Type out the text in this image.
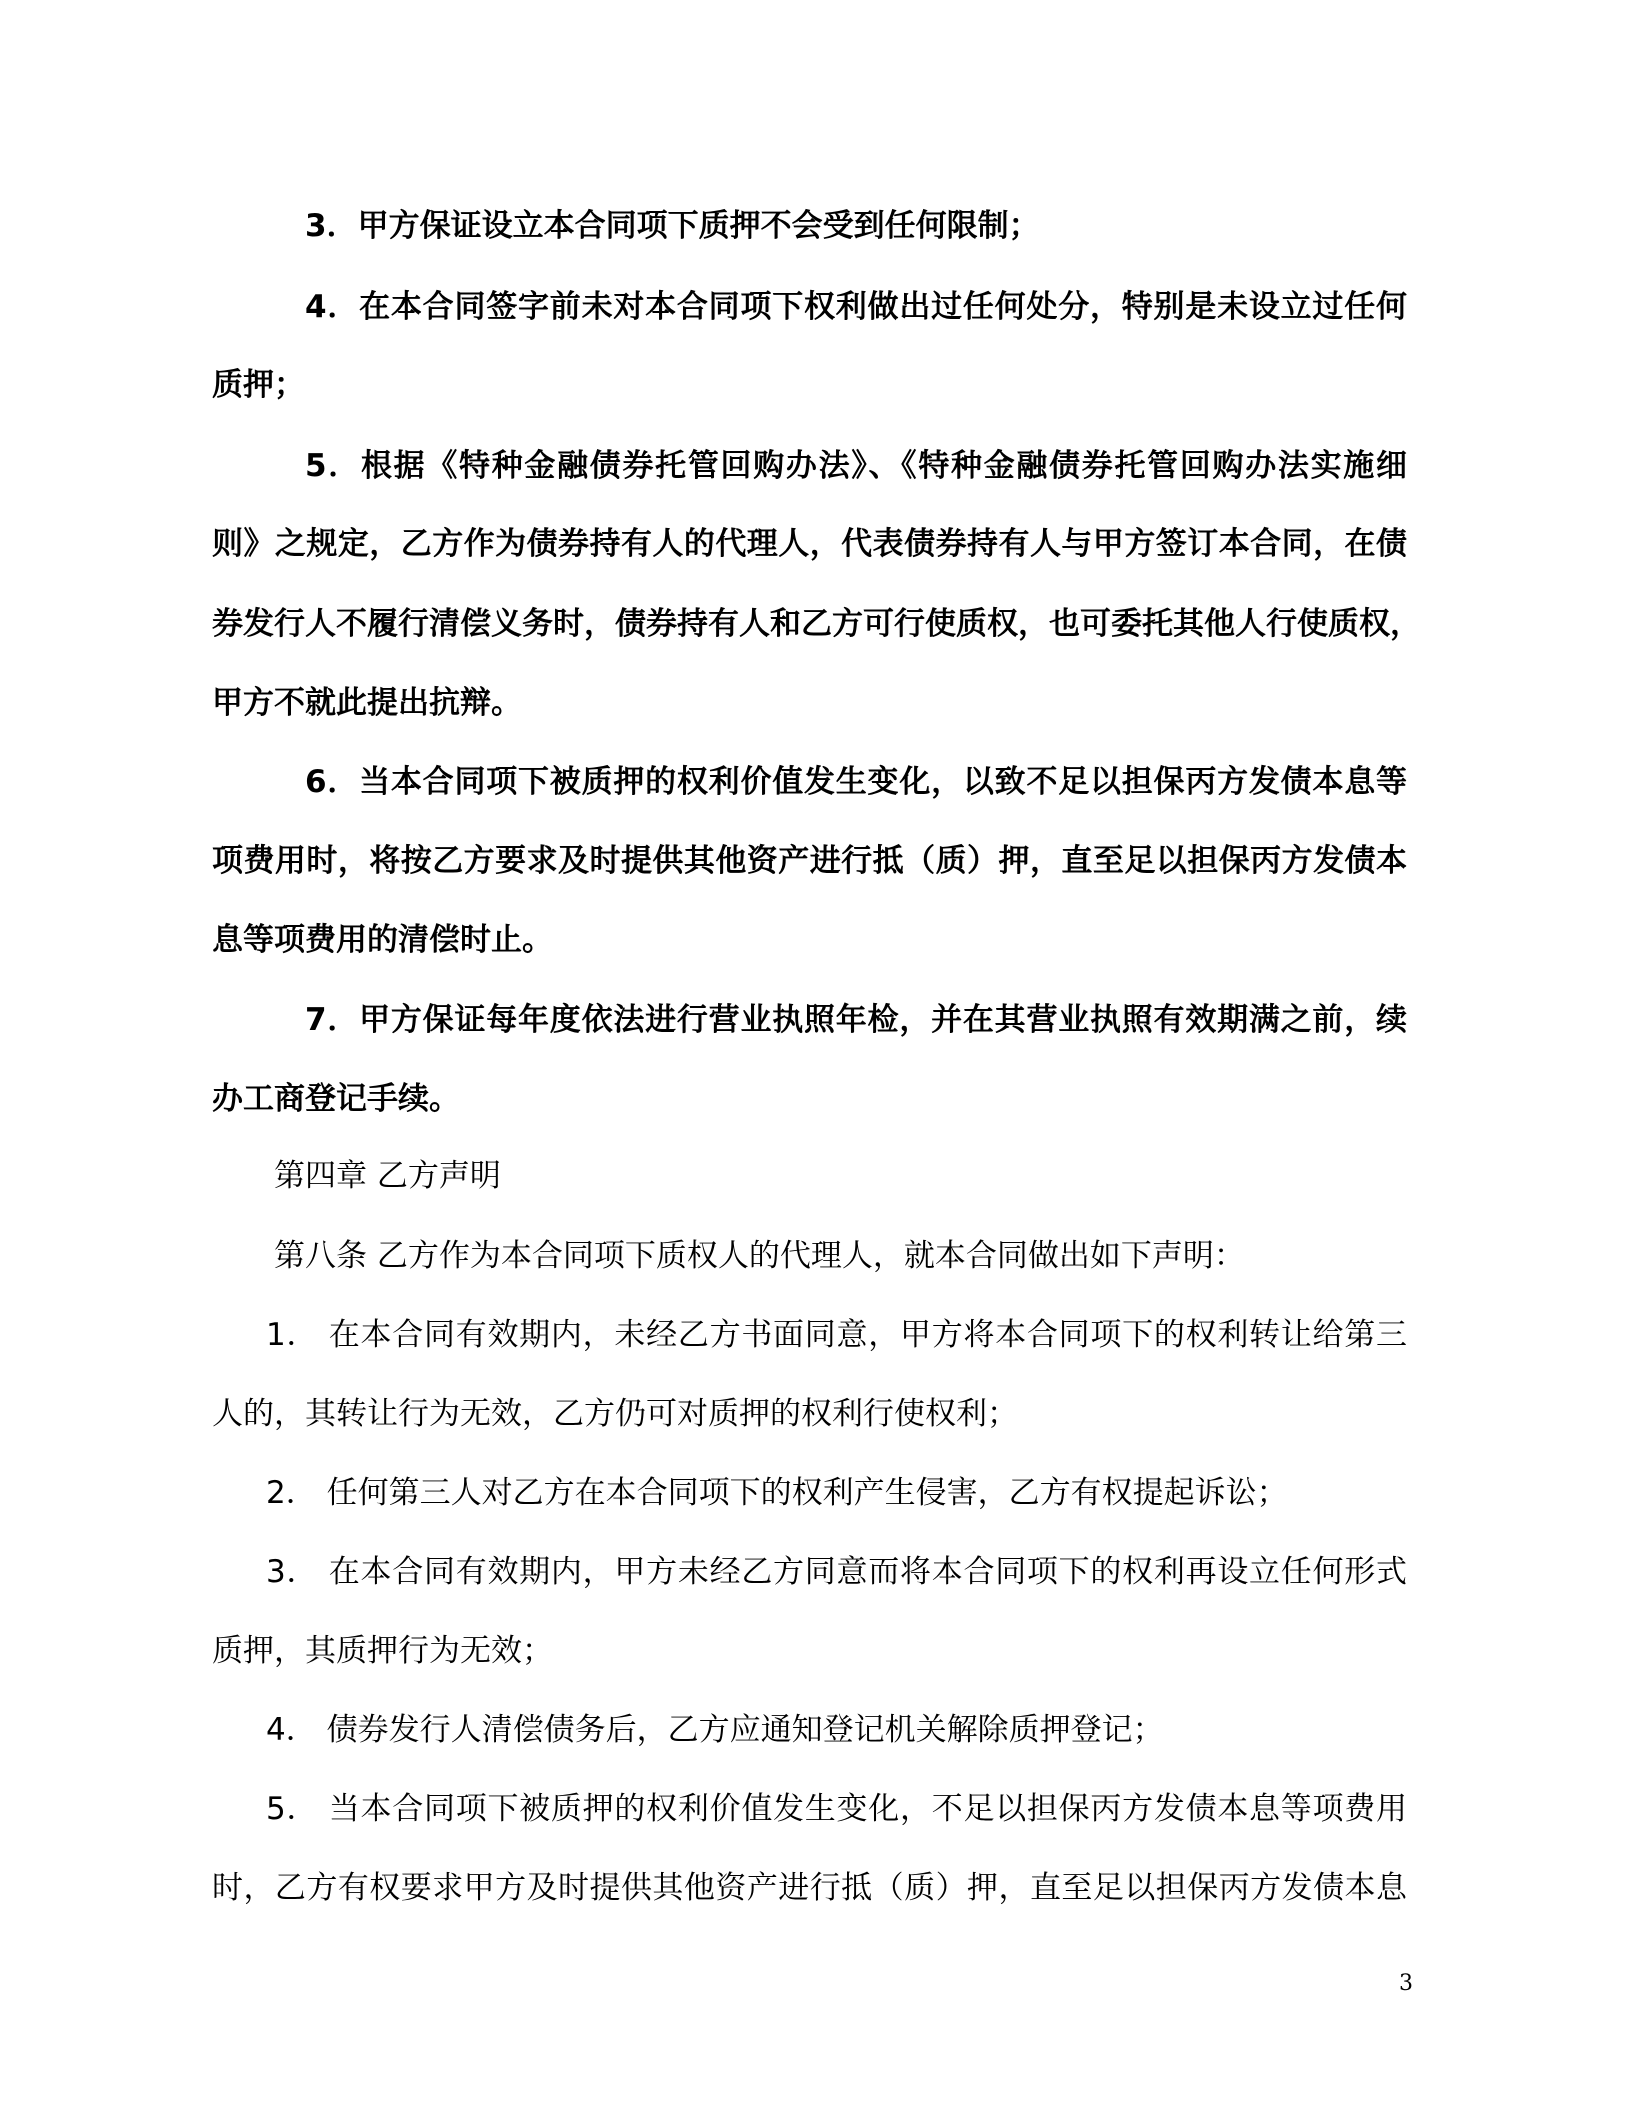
3．甲方保证设立本合同项下质押不会受到任何限制；
4．在本合同签字前未对本合同项下权利做出过任何处分，特别是未设立过任何
质押；
5．根据《特种金融债券托管回购办法》、《特种金融债券托管回购办法实施细
则》之规定，乙方作为债券持有人的代理人，代表债券持有人与甲方签订本合同，在债
券发行人不履行清偿义务时，债券持有人和乙方可行使质权，也可委托其他人行使质权，
甲方不就此提出抗辩。
6．当本合同项下被质押的权利价值发生变化，以致不足以担保丙方发债本息等
项费用时，将按乙方要求及时提供其他资产进行抵（质）押，直至足以担保丙方发债本
息等项费用的清偿时止。
7．甲方保证每年度依法进行营业执照年检，并在其营业执照有效期满之前，续
办工商登记手续。
第四章 乙方声明
第八条 乙方作为本合同项下质权人的代理人，就本合同做出如下声明：
1． 在本合同有效期内，未经乙方书面同意，甲方将本合同项下的权利转让给第三
人的，其转让行为无效，乙方仍可对质押的权利行使权利；
2． 任何第三人对乙方在本合同项下的权利产生侵害，乙方有权提起诉讼；
3． 在本合同有效期内，甲方未经乙方同意而将本合同项下的权利再设立任何形式
质押，其质押行为无效；
4． 债券发行人清偿债务后，乙方应通知登记机关解除质押登记；
5． 当本合同项下被质押的权利价值发生变化，不足以担保丙方发债本息等项费用
时，乙方有权要求甲方及时提供其他资产进行抵（质）押，直至足以担保丙方发债本息
3
